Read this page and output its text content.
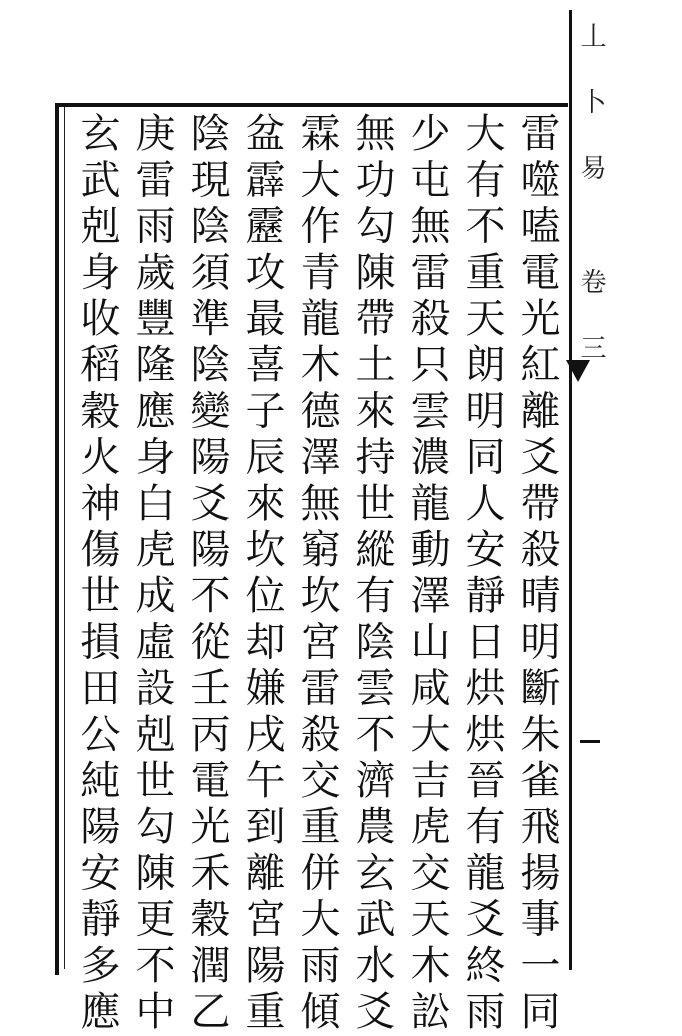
丄卜易 卷三
雷噬嗑電光紅離爻帶殺晴明斷朱雀飛揚事一同
大有不重天朗明同人安靜日烘烘晉有龍爻終雨
少屯無雷殺只雲濃龍動澤山咸大吉虎交天木訟
無功勾陳帶土來持世縱有陰雲不濟農玄武水爻
霖大作青龍木德澤無窮坎宮雷殺交重併大雨傾
盆霹靂攻最喜子辰來坎位却嫌戌午到離宮陽重
陰現陰須準陰變陽爻陽不從壬丙電光禾穀潤乙
庚雷雨歲豐隆應身白虎成虛設剋世勾陳更不中
玄武剋身收稻穀火神傷世損田公純陽安靜多應
